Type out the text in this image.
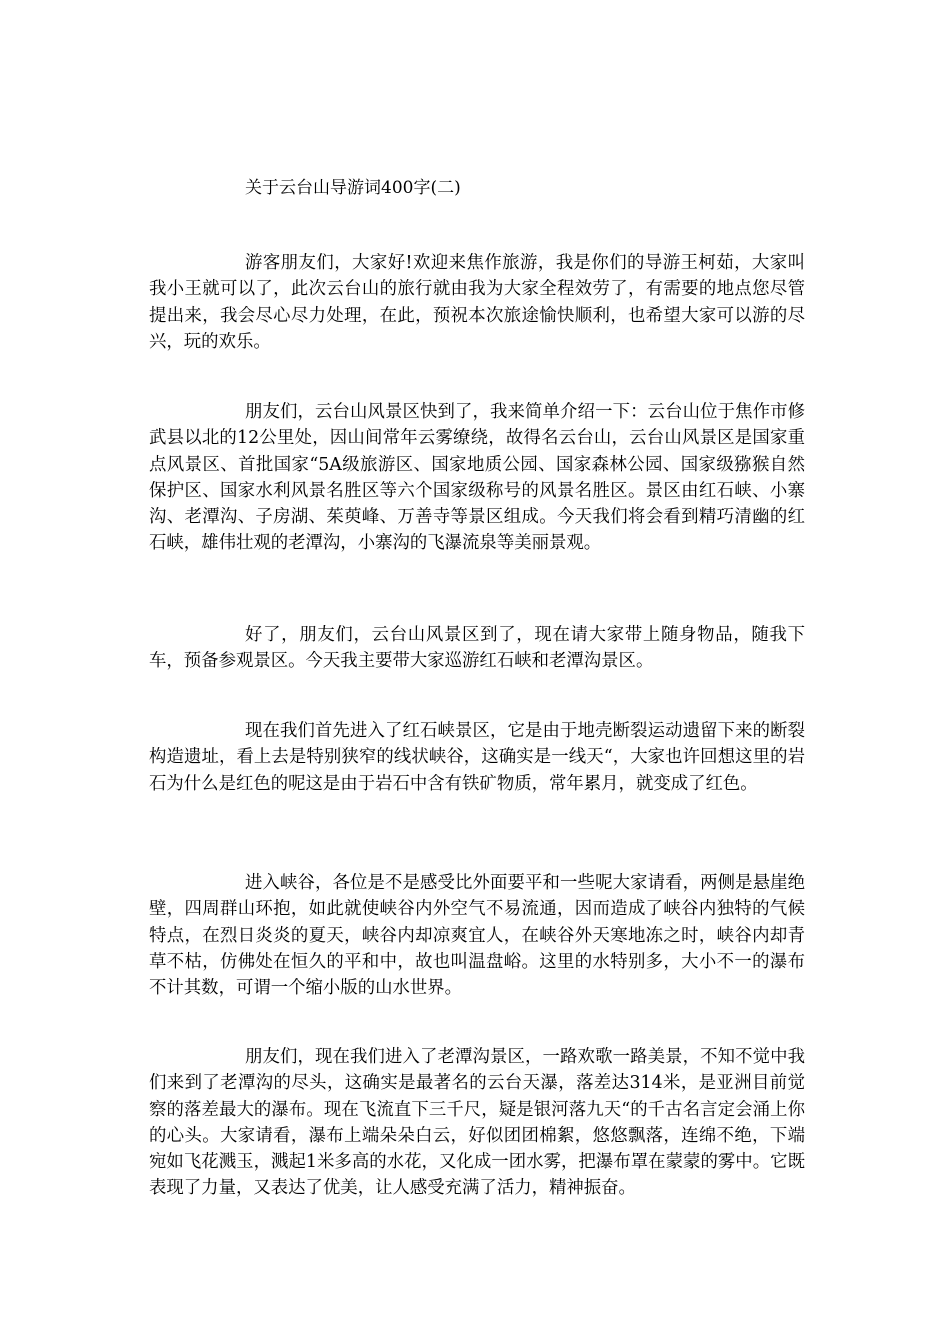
关于云台山导游词400字(二)

游客朋友们，大家好!欢迎来焦作旅游，我是你们的导游王柯茹，大家叫我小王就可以了，此次云台山的旅行就由我为大家全程效劳了，有需要的地点您尽管提出来，我会尽心尽力处理，在此，预祝本次旅途愉快顺利，也希望大家可以游的尽兴，玩的欢乐。

朋友们，云台山风景区快到了，我来简单介绍一下：云台山位于焦作市修武县以北的12公里处，因山间常年云雾缭绕，故得名云台山，云台山风景区是国家重点风景区、首批国家“5A级旅游区、国家地质公园、国家森林公园、国家级猕猴自然保护区、国家水利风景名胜区等六个国家级称号的风景名胜区。景区由红石峡、小寨沟、老潭沟、子房湖、茱萸峰、万善寺等景区组成。今天我们将会看到精巧清幽的红石峡，雄伟壮观的老潭沟，小寨沟的飞瀑流泉等美丽景观。

好了，朋友们，云台山风景区到了，现在请大家带上随身物品，随我下车，预备参观景区。今天我主要带大家巡游红石峡和老潭沟景区。

现在我们首先进入了红石峡景区，它是由于地壳断裂运动遗留下来的断裂构造遗址，看上去是特别狭窄的线状峡谷，这确实是一线天“，大家也许回想这里的岩石为什么是红色的呢这是由于岩石中含有铁矿物质，常年累月，就变成了红色。

进入峡谷，各位是不是感受比外面要平和一些呢大家请看，两侧是悬崖绝壁，四周群山环抱，如此就使峡谷内外空气不易流通，因而造成了峡谷内独特的气候特点，在烈日炎炎的夏天，峡谷内却凉爽宜人，在峡谷外天寒地冻之时，峡谷内却青草不枯，仿佛处在恒久的平和中，故也叫温盘峪。这里的水特别多，大小不一的瀑布不计其数，可谓一个缩小版的山水世界。

朋友们，现在我们进入了老潭沟景区，一路欢歌一路美景，不知不觉中我们来到了老潭沟的尽头，这确实是最著名的云台天瀑，落差达314米，是亚洲目前觉察的落差最大的瀑布。现在飞流直下三千尺，疑是银河落九天“的千古名言定会涌上你的心头。大家请看，瀑布上端朵朵白云，好似团团棉絮，悠悠飘落，连绵不绝，下端宛如飞花溅玉，溅起1米多高的水花，又化成一团水雾，把瀑布罩在蒙蒙的雾中。它既表现了力量，又表达了优美，让人感受充满了活力，精神振奋。
